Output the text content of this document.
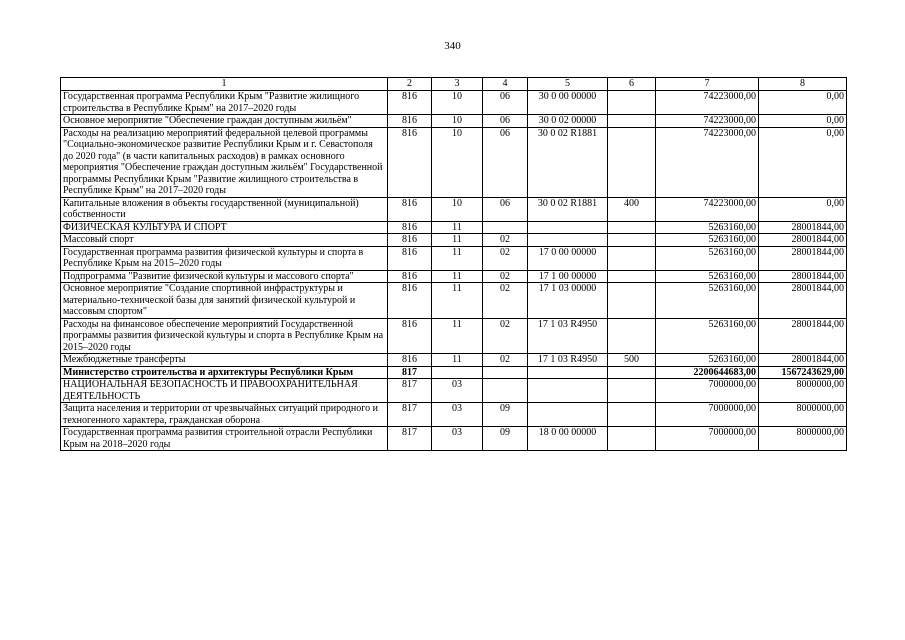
340
1	2	3	4	5	6	7	8
Государственная программа Республики Крым "Развитие жилищного строительства в Республике Крым" на 2017–2020 годы	816	10	06	30 0 00 00000		74223000,00	0,00
Основное мероприятие "Обеспечение граждан доступным жильём"	816	10	06	30 0 02 00000		74223000,00	0,00
Расходы на реализацию мероприятий федеральной целевой программы "Социально-экономическое развитие Республики Крым и г. Севастополя до 2020 года" (в части капитальных расходов) в рамках основного мероприятия "Обеспечение граждан доступным жильём" Государственной программы Республики Крым "Развитие жилищного строительства в Республике Крым" на 2017–2020 годы	816	10	06	30 0 02 R1881		74223000,00	0,00
Капитальные вложения в объекты государственной (муниципальной) собственности	816	10	06	30 0 02 R1881	400	74223000,00	0,00
ФИЗИЧЕСКАЯ КУЛЬТУРА И СПОРТ	816	11				5263160,00	28001844,00
Массовый спорт	816	11	02			5263160,00	28001844,00
Государственная программа развития физической культуры и спорта в Республике Крым на 2015–2020 годы	816	11	02	17 0 00 00000		5263160,00	28001844,00
Подпрограмма "Развитие физической культуры и массового спорта"	816	11	02	17 1 00 00000		5263160,00	28001844,00
Основное мероприятие "Создание спортивной инфраструктуры и материально-технической базы для занятий физической культурой и массовым спортом"	816	11	02	17 1 03 00000		5263160,00	28001844,00
Расходы на финансовое обеспечение мероприятий Государственной программы развития физической культуры и спорта в Республике Крым на 2015–2020 годы	816	11	02	17 1 03 R4950		5263160,00	28001844,00
Межбюджетные трансферты	816	11	02	17 1 03 R4950	500	5263160,00	28001844,00
Министерство строительства и архитектуры Республики Крым	817					2200644683,00	1567243629,00
НАЦИОНАЛЬНАЯ БЕЗОПАСНОСТЬ И ПРАВООХРАНИТЕЛЬНАЯ ДЕЯТЕЛЬНОСТЬ	817	03				7000000,00	8000000,00
Защита населения и территории от чрезвычайных ситуаций природного и техногенного характера, гражданская оборона	817	03	09			7000000,00	8000000,00
Государственная программа развития строительной отрасли Республики Крым на 2018–2020 годы	817	03	09	18 0 00 00000		7000000,00	8000000,00
